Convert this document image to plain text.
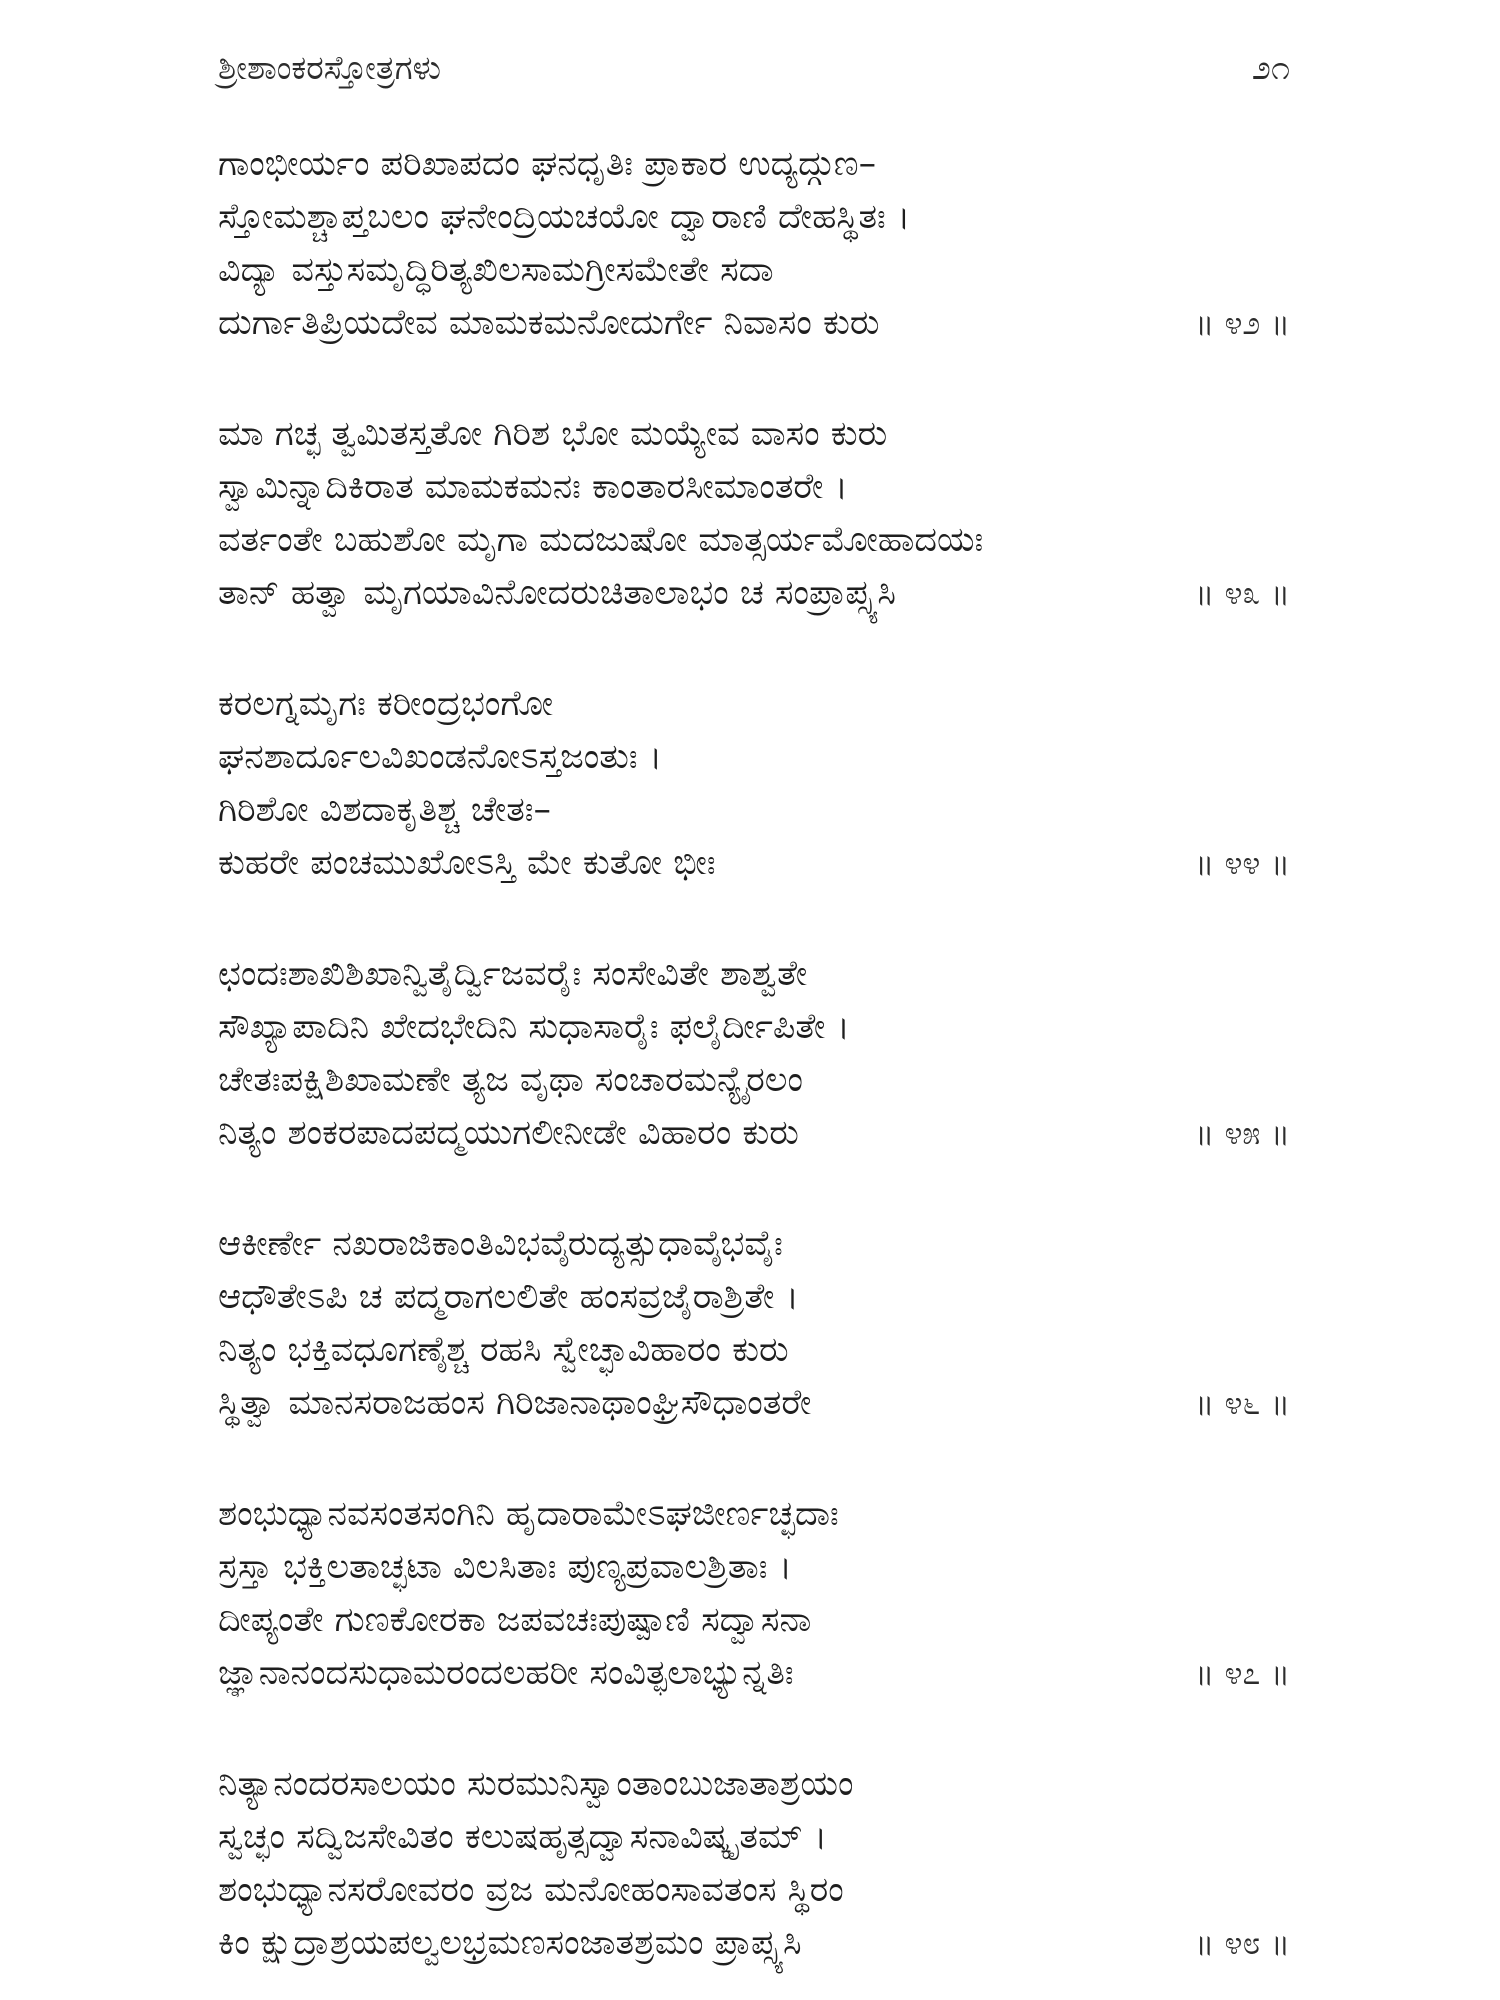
ಶ್ರೀಶಾಂಕರಸ್ತೋತ್ರಗಳು	೨೧
ಗಾಂಭೀರ್ಯಂ ಪರಿಖಾಪದಂ ಘನಧೃತಿಃ ಪ್ರಾಕಾರ ಉದ್ಯದ್ಗುಣ–
ಸ್ತೋಮಶ್ಚಾಪ್ತಬಲಂ ಘನೇಂದ್ರಿಯಚಯೋ ದ್ವಾರಾಣಿ ದೇಹಸ್ಥಿತಃ ।
ವಿದ್ಯಾ ವಸ್ತುಸಮೃದ್ಧಿರಿತ್ಯಖಿಲಸಾಮಗ್ರೀಸಮೇತೇ ಸದಾ
ದುರ್ಗಾತಿಪ್ರಿಯದೇವ ಮಾಮಕಮನೋದುರ್ಗೇ ನಿವಾಸಂ ಕುರು	॥ ೪೨ ॥
ಮಾ ಗಚ್ಛ ತ್ವಮಿತಸ್ತತೋ ಗಿರಿಶ ಭೋ ಮಯ್ಯೇವ ವಾಸಂ ಕುರು
ಸ್ವಾಮಿನ್ನಾದಿಕಿರಾತ ಮಾಮಕಮನಃ ಕಾಂತಾರಸೀಮಾಂತರೇ ।
ವರ್ತಂತೇ ಬಹುಶೋ ಮೃಗಾ ಮದಜುಷೋ ಮಾತ್ಸರ್ಯಮೋಹಾದಯಃ
ತಾನ್ ಹತ್ವಾ ಮೃಗಯಾವಿನೋದರುಚಿತಾಲಾಭಂ ಚ ಸಂಪ್ರಾಪ್ಸ್ಯಸಿ	॥ ೪೩ ॥
ಕರಲಗ್ನಮೃಗಃ ಕರೀಂದ್ರಭಂಗೋ
ಘನಶಾರ್ದೂಲವಿಖಂಡನೋಽಸ್ತಜಂತುಃ ।
ಗಿರಿಶೋ ವಿಶದಾಕೃತಿಶ್ಚ ಚೇತಃ–
ಕುಹರೇ ಪಂಚಮುಖೋಽಸ್ತಿ ಮೇ ಕುತೋ ಭೀಃ	॥ ೪೪ ॥
ಛಂದಃಶಾಖಿಶಿಖಾನ್ವಿತೈರ್ದ್ವಿಜವರೈಃ ಸಂಸೇವಿತೇ ಶಾಶ್ವತೇ
ಸೌಖ್ಯಾಪಾದಿನಿ ಖೇದಭೇದಿನಿ ಸುಧಾಸಾರೈಃ ಫಲೈರ್ದೀಪಿತೇ ।
ಚೇತಃಪಕ್ಷಿಶಿಖಾಮಣೇ ತ್ಯಜ ವೃಥಾ ಸಂಚಾರಮನ್ಯೈರಲಂ
ನಿತ್ಯಂ ಶಂಕರಪಾದಪದ್ಮಯುಗಲೀನೀಡೇ ವಿಹಾರಂ ಕುರು	॥ ೪೫ ॥
ಆಕೀರ್ಣೇ ನಖರಾಜಿಕಾಂತಿವಿಭವೈರುದ್ಯತ್ಸುಧಾವೈಭವೈಃ
ಆಧೌತೇಽಪಿ ಚ ಪದ್ಮರಾಗಲಲಿತೇ ಹಂಸವ್ರಜೈರಾಶ್ರಿತೇ ।
ನಿತ್ಯಂ ಭಕ್ತಿವಧೂಗಣೈಶ್ಚ ರಹಸಿ ಸ್ವೇಚ್ಛಾವಿಹಾರಂ ಕುರು
ಸ್ಥಿತ್ವಾ ಮಾನಸರಾಜಹಂಸ ಗಿರಿಜಾನಾಥಾಂಘ್ರಿಸೌಧಾಂತರೇ	॥ ೪೬ ॥
ಶಂಭುಧ್ಯಾನವಸಂತಸಂಗಿನಿ ಹೃದಾರಾಮೇಽಘಜೀರ್ಣಚ್ಛದಾಃ
ಸ್ರಸ್ತಾ ಭಕ್ತಿಲತಾಚ್ಛಟಾ ವಿಲಸಿತಾಃ ಪುಣ್ಯಪ್ರವಾಲಶ್ರಿತಾಃ ।
ದೀಪ್ಯಂತೇ ಗುಣಕೋರಕಾ ಜಪವಚಃಪುಷ್ಪಾಣಿ ಸದ್ವಾಸನಾ
ಜ್ಞಾನಾನಂದಸುಧಾಮರಂದಲಹರೀ ಸಂವಿತ್ಫಲಾಭ್ಯುನ್ನತಿಃ	॥ ೪೭ ॥
ನಿತ್ಯಾನಂದರಸಾಲಯಂ ಸುರಮುನಿಸ್ವಾಂತಾಂಬುಜಾತಾಶ್ರಯಂ
ಸ್ವಚ್ಛಂ ಸದ್ವಿಜಸೇವಿತಂ ಕಲುಷಹೃತ್ಸದ್ವಾಸನಾವಿಷ್ಕೃತಮ್ ।
ಶಂಭುಧ್ಯಾನಸರೋವರಂ ವ್ರಜ ಮನೋಹಂಸಾವತಂಸ ಸ್ಥಿರಂ
ಕಿಂ ಕ್ಷುದ್ರಾಶ್ರಯಪಲ್ವಲಭ್ರಮಣಸಂಜಾತಶ್ರಮಂ ಪ್ರಾಪ್ಸ್ಯಸಿ	॥ ೪೮ ॥
